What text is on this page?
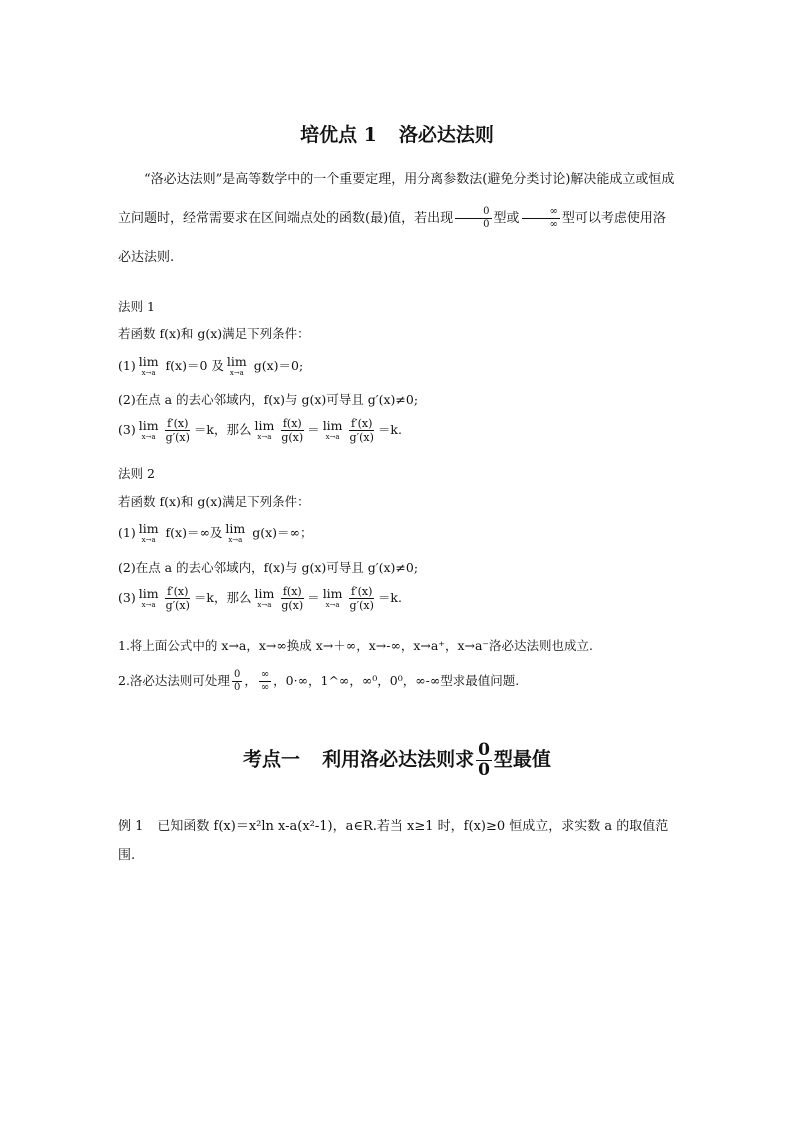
培优点 1 洛必达法则
“洛必达法则”是高等数学中的一个重要定理，用分离参数法(避免分类讨论)解决能成立或恒成立问题时，经常需要求在区间端点处的函数(最)值，若出现 $\frac{0}{0}$ 型或 $\frac{\infty}{\infty}$ 型可以考虑使用洛必达法则.
法则 1
若函数 f(x)和 g(x)满足下列条件：
(1) lim
x→a f(x)＝0 及 lim
x→a g(x)＝0;
(2)在点 a 的去心邻域内，f(x)与 g(x)可导且 g′(x)≠0;
(3) lim
$x\to a \frac{f'(x)}{g'(x)} =k$，那么 lim
$x\to a \frac{f(x)}{g(x)} = \lim$
$x\to a \frac{f'(x)}{g'(x)} =k$.
法则 2
若函数 f(x)和 g(x)满足下列条件：
(1) lim
x→a f(x)＝∞及 lim
x→a g(x)＝∞；
(2)在点 a 的去心邻域内，f(x)与 g(x)可导且 g′(x)≠0;
(3) lim
$x\to a \frac{f'(x)}{g'(x)} =k$，那么 lim
$x\to a \frac{f(x)}{g(x)} = \lim$
$x\to a \frac{f'(x)}{g'(x)} =k$.
1.将上面公式中的 x→a，x→∞换成 x→＋∞，x→-∞，x→a⁺，x→a⁻洛必达法则也成立.
2.洛必达法则可处理 $\frac{0}{0}$ ， $\frac{\infty}{\infty}$ ，0·∞，1^∞，∞⁰，0⁰，∞-∞型求最值问题.
考点一 利用洛必达法则求 $\frac{0}{0}$ 型最值
例 1 已知函数 f(x)＝x²ln x-a(x²-1)，a∈R.若当 x≥1 时，f(x)≥0 恒成立，求实数 a 的取值范围.
